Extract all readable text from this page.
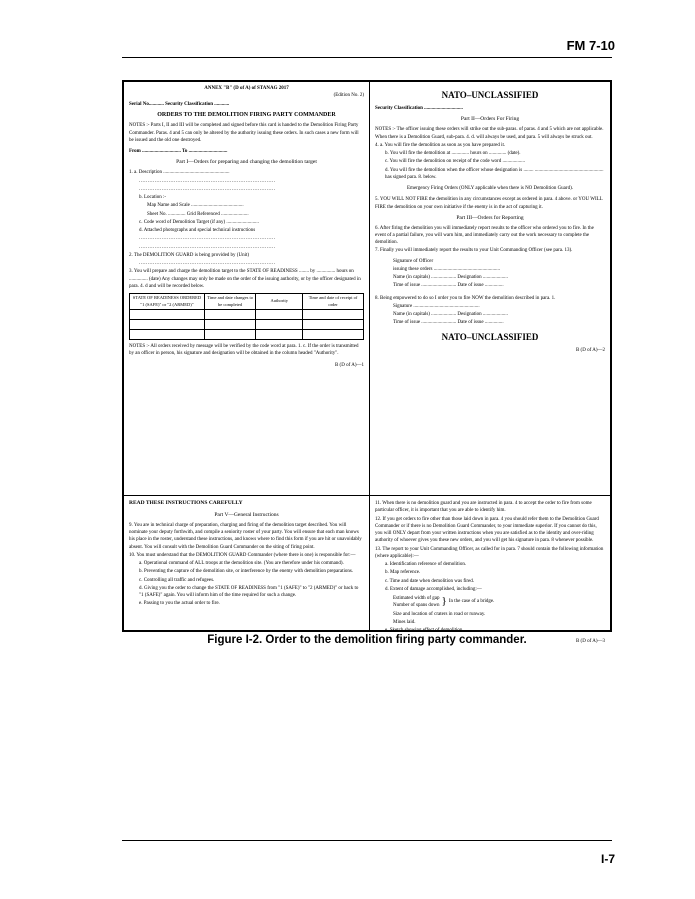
FM 7-10
ANNEX "B" (D of A) of STANAG 2017
(Edition No. 2)
Serial No............ Security Classification ............
ORDERS TO THE DEMOLITION FIRING PARTY COMMANDER
NOTES :- Parts I, II and III will be completed and signed before this card is handed to the Demolition Firing Party Commander. Paras. 4 and 5 can only be altered by the authority issuing these orders. In such cases a new form will be issued and the old one destroyed.
From ............................... To ...............................
Part I—Orders for preparing and changing the demolition target
1. a. Description .....................................................
..............................................................................
..............................................................................
b. Location :-
Map Name and Scale ..........................................
Sheet No. .............. Grid Referenced ......................
c. Code word of Demolition Target (if any) ..........................
d. Attached photographs and special technical instructions
..............................................................................
..............................................................................
2. The DEMOLITION GUARD is being provided by (Unit)
..............................................................................
3. You will prepare and charge the demolition target to the STATE OF READINESS ........ by ............... hours on ............... (date) Any changes may only be made on the order of the issuing authority, or by the officer designated in para. 4. d and will be recorded below.
STATE OF READINESS ORDERED "1 (SAFE)" or "2 (ARMED)"	Time and date changes to be completed	Authority	Time and date of receipt of order

NOTES :- All orders received by message will be verified by the code word at para. 1. c. If the order is transmitted by an officer in person, his signature and designation will be obtained in the column headed "Authority".
B (D of A)—1
NATO–UNCLASSIFIED
Security Classification ...............................
Part II—Orders For Firing
NOTES :- The officer issuing these orders will strike out the sub-paras. of paras. 4 and 5 which are not applicable. When there is a Demolition Guard, sub-para. 4. d. will always be used, and para. 5 will always be struck out.
4. a. You will fire the demolition as soon as you have prepared it.
b. You will fire the demolition at .............. hours on .............. (date).
c. You will fire the demolition on receipt of the code word ..................
d. You will fire the demolition when the officer whose designation is ........ ....................................................... has signed para. 8. below.
Emergency Firing Orders (ONLY applicable when there is NO Demolition Guard).
5. YOU WILL NOT FIRE the demolition in any circumstances except as ordered in para. 4 above. or YOU WILL FIRE the demolition on your own initiative if the enemy is in the act of capturing it.
Part III—Orders for Reporting
6. After firing the demolition you will immediately report results to the officer who ordered you to fire. In the event of a partial failure, you will warn him, and immediately carry out the work necessary to complete the demolition.
7. Finally you will immediately report the results to your Unit Commanding Officer (see para. 13).
Signature of Officer
issuing these orders .....................................................
Name (in capitals) .................... Designation ....................
Time of issue ............................ Date of issue ...............
8. Being empowered to do so I order you to fire NOW the demolition described in para. 1.
Signature .....................................................
Name (in capitals) .................... Designation ....................
Time of issue ............................ Date of issue ...............
NATO–UNCLASSIFIED
B (D of A)—2
READ THESE INSTRUCTIONS CAREFULLY
Part V—General Instructions
9. You are in technical charge of preparation, charging and firing of the demolition target described. You will nominate your deputy forthwith, and compile a seniority roster of your party. You will ensure that each man knows his place in the roster, understand these instructions, and knows where to find this form if you are hit or unavoidably absent. You will consult with the Demolition Guard Commander on the siting of firing point.
10. You must understand that the DEMOLITION GUARD Commander (where there is one) is responsible for:—
a. Operational command of ALL troops at the demolition site. (You are therefore under his command).
b. Preventing the capture of the demolition site, or interference by the enemy with demolition preparations.
c. Controlling all traffic and refugees.
d. Giving you the order to change the STATE OF READINESS from "1 (SAFE)" to "2 (ARMED)" or back to "1 (SAFE)" again. You will inform him of the time required for such a change.
e. Passing to you the actual order to fire.
11. When there is no demolition guard and you are instructed in para. 4 to accept the order to fire from some particular officer, it is important that you are able to identify him.
12. If you get orders to fire other than those laid down in para. 4 you should refer them to the Demolition Guard Commander or if there is no Demolition Guard Commander, to your immediate superior. If you cannot do this, you will ONLY depart from your written instructions when you are satisfied as to the identity and over-riding authority of whoever gives you these new orders, and you will get his signature in para. 8 whenever possible.
13. The report to your Unit Commanding Officer, as called for in para. 7 should contain the following information (where applicable):—
a. Identification reference of demolition.
b. Map reference.
c. Time and date when demolition was fired.
d. Extent of damage accomplished, including:—
Estimated width of gap
Number of spans down } In the case of a bridge.
Size and location of craters in road or runway.
Mines laid.
e. Sketch showing effect of demolition.
B (D of A)—3
Figure I-2. Order to the demolition firing party commander.
I-7
